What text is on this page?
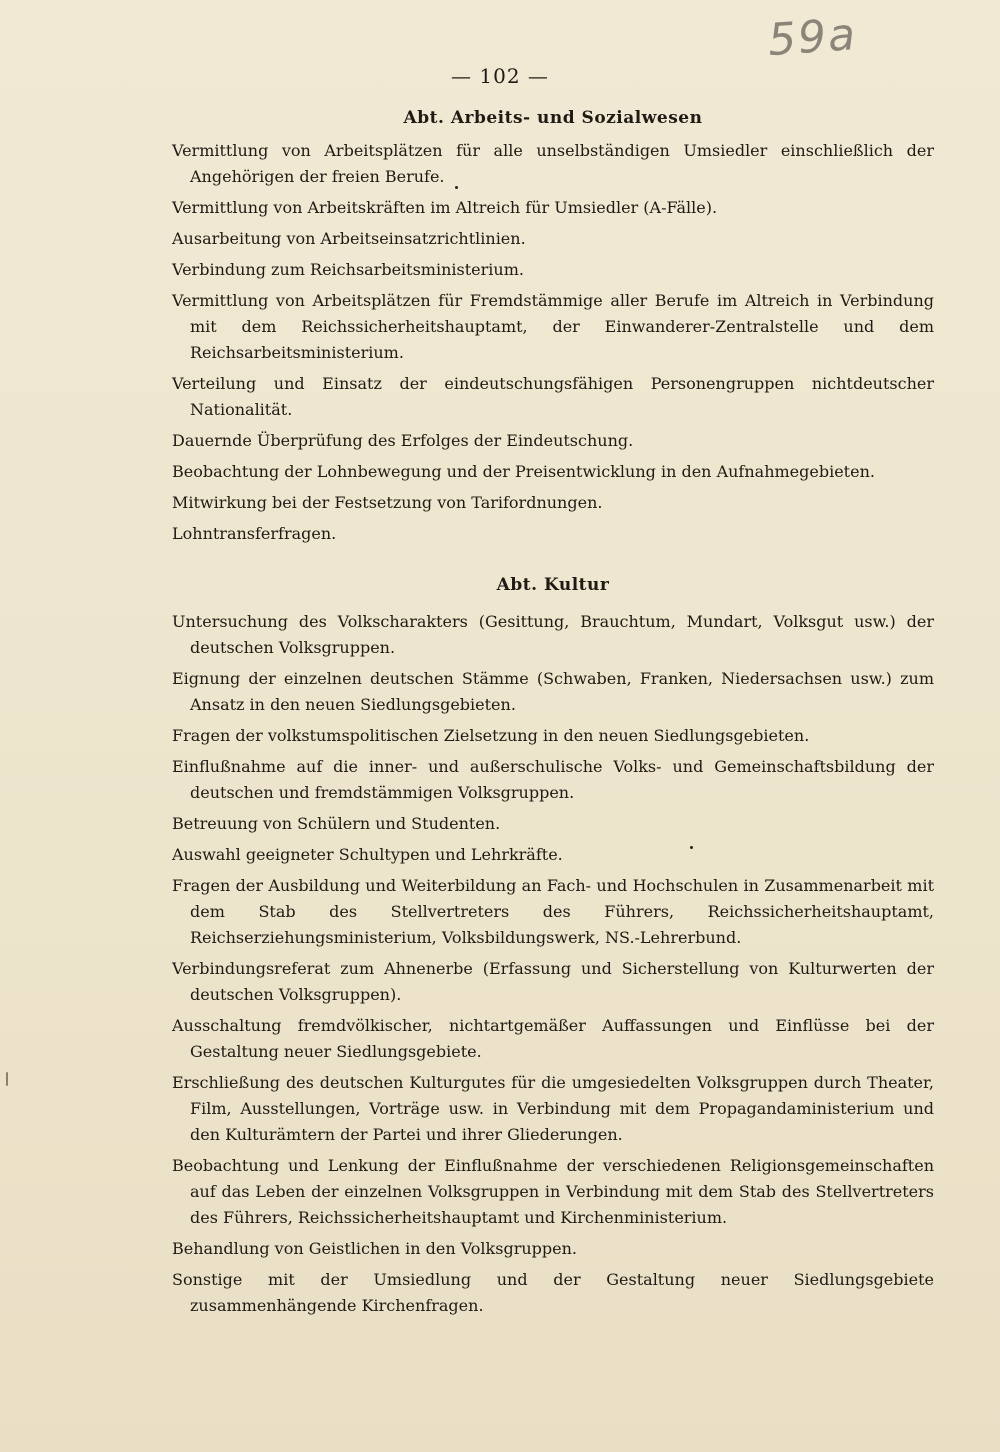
59a
— 102 —
Abt. Arbeits- und Sozialwesen

Vermittlung von Arbeitsplätzen für alle unselbständigen Umsiedler einschließlich der Angehörigen der freien Berufe.

Vermittlung von Arbeitskräften im Altreich für Umsiedler (A-Fälle).

Ausarbeitung von Arbeitseinsatzrichtlinien.

Verbindung zum Reichsarbeitsministerium.

Vermittlung von Arbeitsplätzen für Fremdstämmige aller Berufe im Altreich in Verbindung mit dem Reichssicherheitshauptamt, der Einwanderer-Zentralstelle und dem Reichsarbeitsministerium.

Verteilung und Einsatz der eindeutschungsfähigen Personengruppen nichtdeutscher Nationalität.

Dauernde Überprüfung des Erfolges der Eindeutschung.

Beobachtung der Lohnbewegung und der Preisentwicklung in den Aufnahmegebieten.

Mitwirkung bei der Festsetzung von Tarifordnungen.

Lohntransferfragen.

Abt. Kultur

Untersuchung des Volkscharakters (Gesittung, Brauchtum, Mundart, Volksgut usw.) der deutschen Volksgruppen.

Eignung der einzelnen deutschen Stämme (Schwaben, Franken, Niedersachsen usw.) zum Ansatz in den neuen Siedlungsgebieten.

Fragen der volkstumspolitischen Zielsetzung in den neuen Siedlungsgebieten.

Einflußnahme auf die inner- und außerschulische Volks- und Gemeinschaftsbildung der deutschen und fremdstämmigen Volksgruppen.

Betreuung von Schülern und Studenten.

Auswahl geeigneter Schultypen und Lehrkräfte.

Fragen der Ausbildung und Weiterbildung an Fach- und Hochschulen in Zusammenarbeit mit dem Stab des Stellvertreters des Führers, Reichssicherheitshauptamt, Reichserziehungsministerium, Volksbildungswerk, NS.-Lehrerbund.

Verbindungsreferat zum Ahnenerbe (Erfassung und Sicherstellung von Kulturwerten der deutschen Volksgruppen).

Ausschaltung fremdvölkischer, nichtartgemäßer Auffassungen und Einflüsse bei der Gestaltung neuer Siedlungsgebiete.

Erschließung des deutschen Kulturgutes für die umgesiedelten Volksgruppen durch Theater, Film, Ausstellungen, Vorträge usw. in Verbindung mit dem Propagandaministerium und den Kulturämtern der Partei und ihrer Gliederungen.

Beobachtung und Lenkung der Einflußnahme der verschiedenen Religionsgemeinschaften auf das Leben der einzelnen Volksgruppen in Verbindung mit dem Stab des Stellvertreters des Führers, Reichssicherheitshauptamt und Kirchenministerium.

Behandlung von Geistlichen in den Volksgruppen.

Sonstige mit der Umsiedlung und der Gestaltung neuer Siedlungsgebiete zusammenhängende Kirchenfragen.
